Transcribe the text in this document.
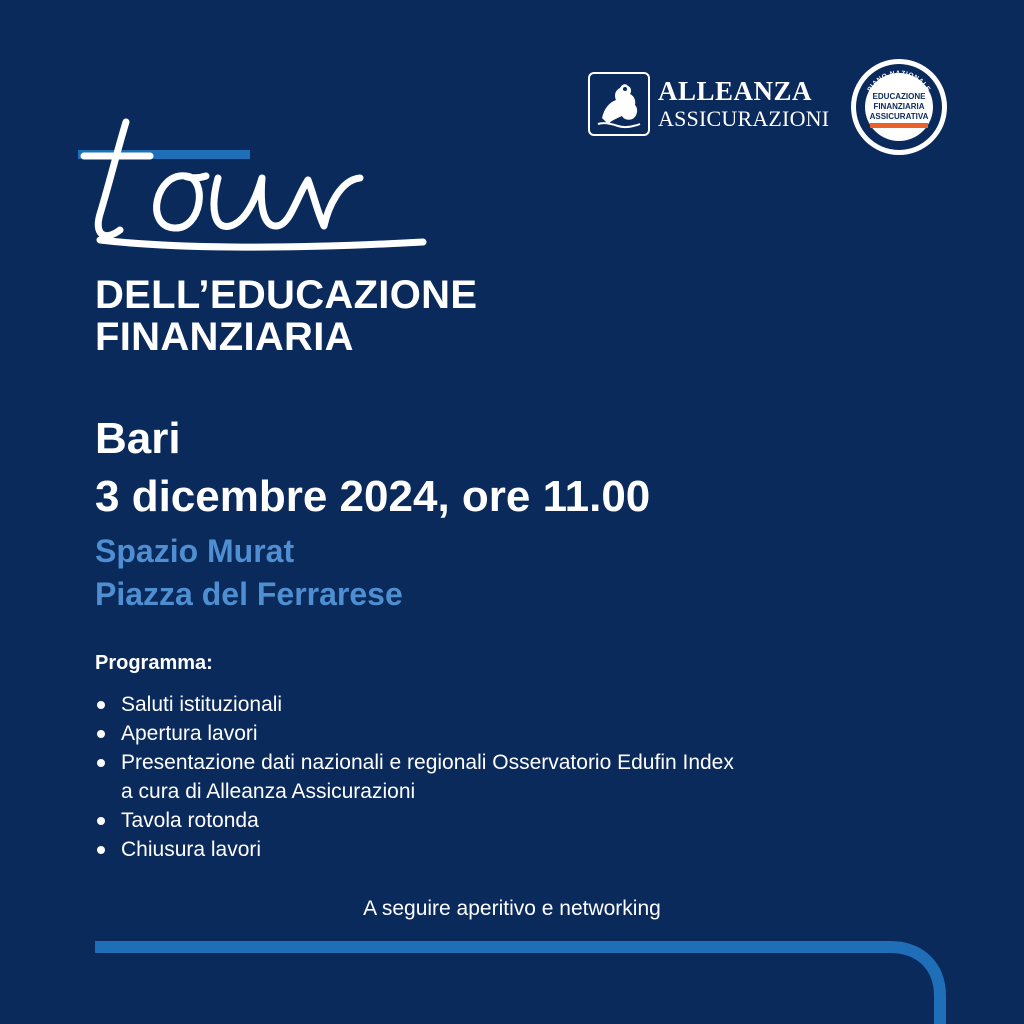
ALLEANZA
ASSICURAZIONI
PIANO NAZIONALE
ALLEANZA
EDUCAZIONE
FINANZIARIA
ASSICURATIVA
DELL’EDUCAZIONE
FINANZIARIA
Bari
3 dicembre 2024, ore 11.00
Spazio Murat
Piazza del Ferrarese
Programma:
Saluti istituzionali
Apertura lavori
Presentazione dati nazionali e regionali Osservatorio Edufin Index
a cura di Alleanza Assicurazioni
Tavola rotonda
Chiusura lavori
A seguire aperitivo e networking
